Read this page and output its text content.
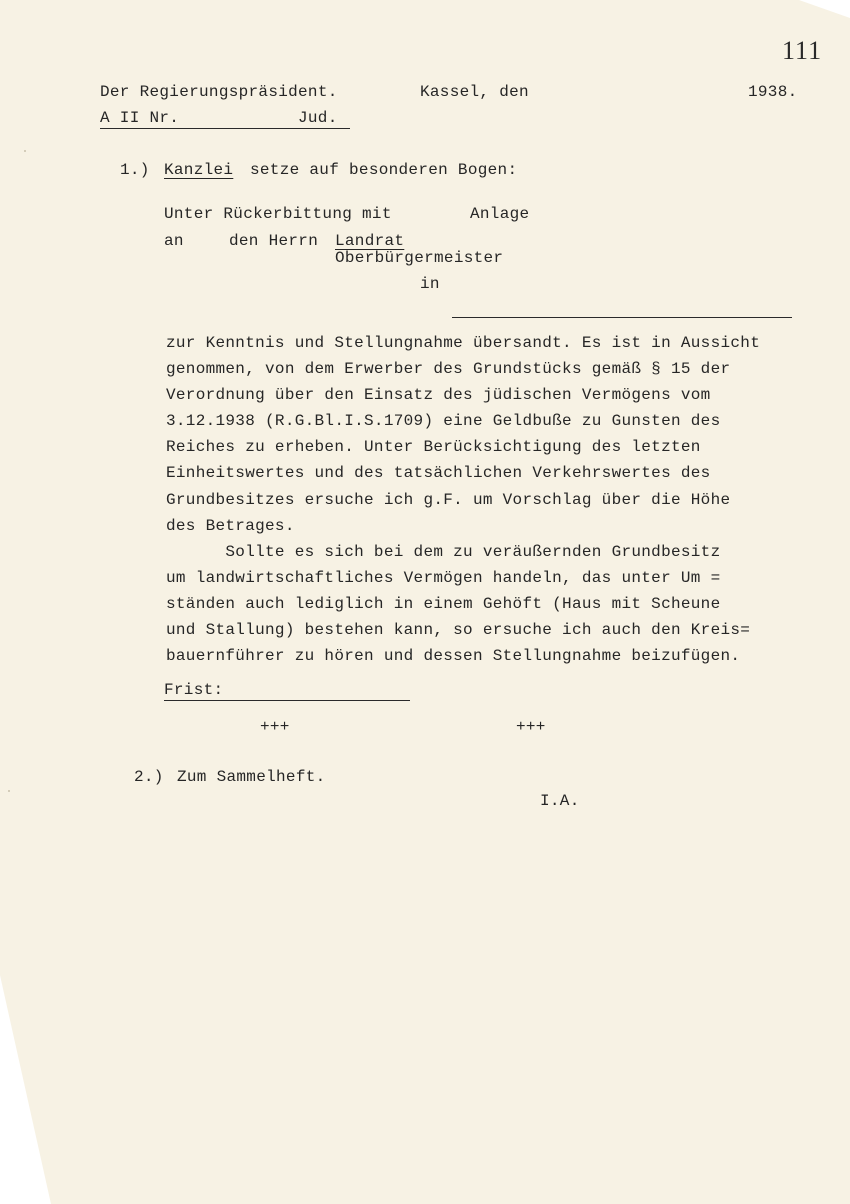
111
Der Regierungspräsident.	Kassel, den	1938.
A II Nr.	Jud.
1.) Kanzlei setze auf besonderen Bogen:
Unter Rückerbittung mit	Anlage
an	den Herrn Landrat
Oberbürgermeister
in
zur Kenntnis und Stellungnahme übersandt. Es ist in Aussicht
genommen, von dem Erwerber des Grundstücks gemäß § 15 der
Verordnung über den Einsatz des jüdischen Vermögens vom
3.12.1938 (R.G.Bl.I.S.1709) eine Geldbuße zu Gunsten des
Reiches zu erheben. Unter Berücksichtigung des letzten
Einheitswertes und des tatsächlichen Verkehrswertes des
Grundbesitzes ersuche ich g.F. um Vorschlag über die Höhe
des Betrages.
Sollte es sich bei dem zu veräußernden Grundbesitz
um landwirtschaftliches Vermögen handeln, das unter Um =
ständen auch lediglich in einem Gehöft (Haus mit Scheune
und Stallung) bestehen kann, so ersuche ich auch den Kreis=
bauernführer zu hören und dessen Stellungnahme beizufügen.
Frist:
+++	+++
2.) Zum Sammelheft.
I.A.
